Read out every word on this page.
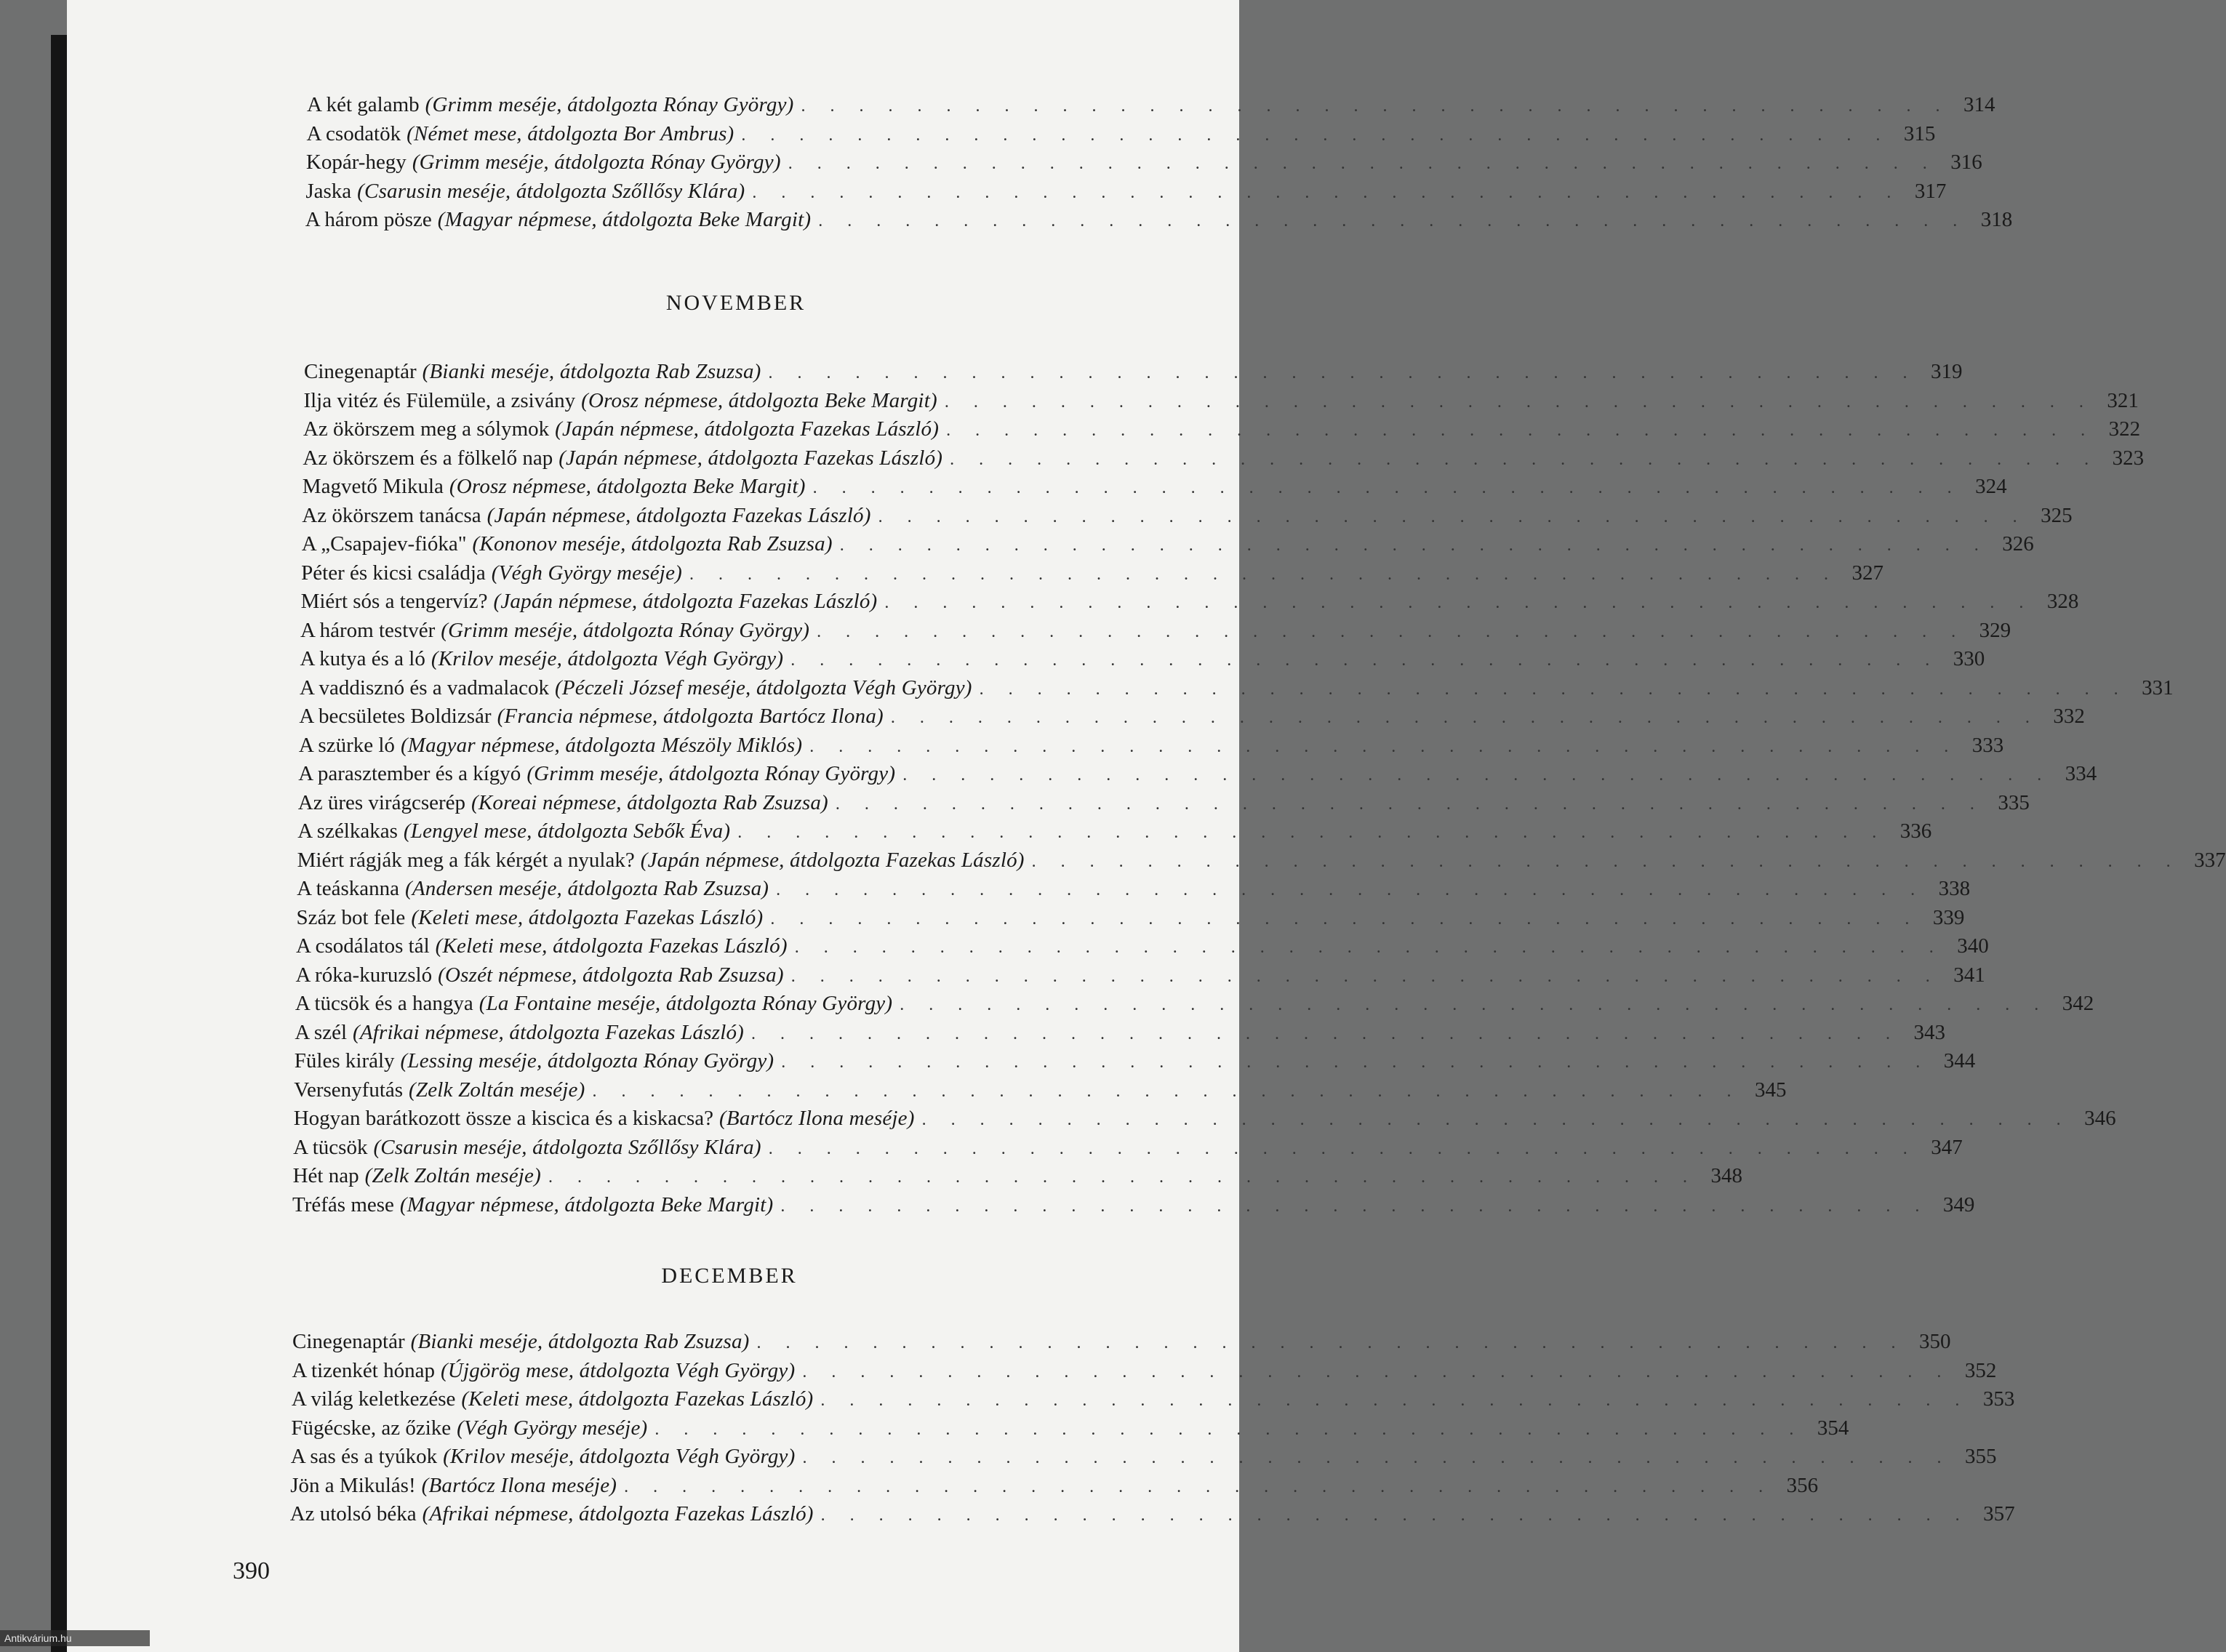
A két galamb (Grimm meséje, átdolgozta Rónay György) . . . . . . . . . . . . . . . . . . . . . . . . . . . . . . . . . . . . . . . . 314
A csodatök (Német mese, átdolgozta Bor Ambrus) . . . . . . . . . . . . . . . . . . . . . . . . . . . . . . . . . . . . . . . . 315
Kopár-hegy (Grimm meséje, átdolgozta Rónay György) . . . . . . . . . . . . . . . . . . . . . . . . . . . . . . . . . . . . . . . . 316
Jaska (Csarusin meséje, átdolgozta Szőllősy Klára) . . . . . . . . . . . . . . . . . . . . . . . . . . . . . . . . . . . . . . . . 317
A három pösze (Magyar népmese, átdolgozta Beke Margit) . . . . . . . . . . . . . . . . . . . . . . . . . . . . . . . . . . . . . . . . 318
NOVEMBER
Cinegenaptár (Bianki meséje, átdolgozta Rab Zsuzsa) . . . . . . . . . . . . . . . . . . . . . . . . . . . . . . . . . . . . . . . . 319
Ilja vitéz és Fülemüle, a zsivány (Orosz népmese, átdolgozta Beke Margit) . . . . . . . . . . . . . . . . . . . . . . . . . . . . . . . . . . . . . . . . 321
Az ökörszem meg a sólymok (Japán népmese, átdolgozta Fazekas László) . . . . . . . . . . . . . . . . . . . . . . . . . . . . . . . . . . . . . . . . 322
Az ökörszem és a fölkelő nap (Japán népmese, átdolgozta Fazekas László) . . . . . . . . . . . . . . . . . . . . . . . . . . . . . . . . . . . . . . . . 323
Magvető Mikula (Orosz népmese, átdolgozta Beke Margit) . . . . . . . . . . . . . . . . . . . . . . . . . . . . . . . . . . . . . . . . 324
Az ökörszem tanácsa (Japán népmese, átdolgozta Fazekas László) . . . . . . . . . . . . . . . . . . . . . . . . . . . . . . . . . . . . . . . . 325
A „Csapajev-fióka" (Kononov meséje, átdolgozta Rab Zsuzsa) . . . . . . . . . . . . . . . . . . . . . . . . . . . . . . . . . . . . . . . . 326
Péter és kicsi családja (Végh György meséje) . . . . . . . . . . . . . . . . . . . . . . . . . . . . . . . . . . . . . . . . 327
Miért sós a tengervíz? (Japán népmese, átdolgozta Fazekas László) . . . . . . . . . . . . . . . . . . . . . . . . . . . . . . . . . . . . . . . . 328
A három testvér (Grimm meséje, átdolgozta Rónay György) . . . . . . . . . . . . . . . . . . . . . . . . . . . . . . . . . . . . . . . . 329
A kutya és a ló (Krilov meséje, átdolgozta Végh György) . . . . . . . . . . . . . . . . . . . . . . . . . . . . . . . . . . . . . . . . 330
A vaddisznó és a vadmalacok (Péczeli József meséje, átdolgozta Végh György) . . . . . . . . . . . . . . . . . . . . . . . . . . . . . . . . . . . . . . . . 331
A becsületes Boldizsár (Francia népmese, átdolgozta Bartócz Ilona) . . . . . . . . . . . . . . . . . . . . . . . . . . . . . . . . . . . . . . . . 332
A szürke ló (Magyar népmese, átdolgozta Mészöly Miklós) . . . . . . . . . . . . . . . . . . . . . . . . . . . . . . . . . . . . . . . . 333
A parasztember és a kígyó (Grimm meséje, átdolgozta Rónay György) . . . . . . . . . . . . . . . . . . . . . . . . . . . . . . . . . . . . . . . . 334
Az üres virágcserép (Koreai népmese, átdolgozta Rab Zsuzsa) . . . . . . . . . . . . . . . . . . . . . . . . . . . . . . . . . . . . . . . . 335
A szélkakas (Lengyel mese, átdolgozta Sebők Éva) . . . . . . . . . . . . . . . . . . . . . . . . . . . . . . . . . . . . . . . . 336
Miért rágják meg a fák kérgét a nyulak? (Japán népmese, átdolgozta Fazekas László) . . . . . . . . . . . . . . . . . . . . . . . . . . . . . . . . . . . . . . . . 337
A teáskanna (Andersen meséje, átdolgozta Rab Zsuzsa) . . . . . . . . . . . . . . . . . . . . . . . . . . . . . . . . . . . . . . . . 338
Száz bot fele (Keleti mese, átdolgozta Fazekas László) . . . . . . . . . . . . . . . . . . . . . . . . . . . . . . . . . . . . . . . . 339
A csodálatos tál (Keleti mese, átdolgozta Fazekas László) . . . . . . . . . . . . . . . . . . . . . . . . . . . . . . . . . . . . . . . . 340
A róka-kuruzsló (Oszét népmese, átdolgozta Rab Zsuzsa) . . . . . . . . . . . . . . . . . . . . . . . . . . . . . . . . . . . . . . . . 341
A tücsök és a hangya (La Fontaine meséje, átdolgozta Rónay György) . . . . . . . . . . . . . . . . . . . . . . . . . . . . . . . . . . . . . . . . 342
A szél (Afrikai népmese, átdolgozta Fazekas László) . . . . . . . . . . . . . . . . . . . . . . . . . . . . . . . . . . . . . . . . 343
Füles király (Lessing meséje, átdolgozta Rónay György) . . . . . . . . . . . . . . . . . . . . . . . . . . . . . . . . . . . . . . . . 344
Versenyfutás (Zelk Zoltán meséje) . . . . . . . . . . . . . . . . . . . . . . . . . . . . . . . . . . . . . . . . 345
Hogyan barátkozott össze a kiscica és a kiskacsa? (Bartócz Ilona meséje) . . . . . . . . . . . . . . . . . . . . . . . . . . . . . . . . . . . . . . . . 346
A tücsök (Csarusin meséje, átdolgozta Szőllősy Klára) . . . . . . . . . . . . . . . . . . . . . . . . . . . . . . . . . . . . . . . . 347
Hét nap (Zelk Zoltán meséje) . . . . . . . . . . . . . . . . . . . . . . . . . . . . . . . . . . . . . . . . 348
Tréfás mese (Magyar népmese, átdolgozta Beke Margit) . . . . . . . . . . . . . . . . . . . . . . . . . . . . . . . . . . . . . . . . 349
DECEMBER
Cinegenaptár (Bianki meséje, átdolgozta Rab Zsuzsa) . . . . . . . . . . . . . . . . . . . . . . . . . . . . . . . . . . . . . . . . 350
A tizenkét hónap (Újgörög mese, átdolgozta Végh György) . . . . . . . . . . . . . . . . . . . . . . . . . . . . . . . . . . . . . . . . 352
A világ keletkezése (Keleti mese, átdolgozta Fazekas László) . . . . . . . . . . . . . . . . . . . . . . . . . . . . . . . . . . . . . . . . 353
Fügécske, az őzike (Végh György meséje) . . . . . . . . . . . . . . . . . . . . . . . . . . . . . . . . . . . . . . . . 354
A sas és a tyúkok (Krilov meséje, átdolgozta Végh György) . . . . . . . . . . . . . . . . . . . . . . . . . . . . . . . . . . . . . . . . 355
Jön a Mikulás! (Bartócz Ilona meséje) . . . . . . . . . . . . . . . . . . . . . . . . . . . . . . . . . . . . . . . . 356
Az utolsó béka (Afrikai népmese, átdolgozta Fazekas László) . . . . . . . . . . . . . . . . . . . . . . . . . . . . . . . . . . . . . . . . 357
390
Antikvárium.hu
